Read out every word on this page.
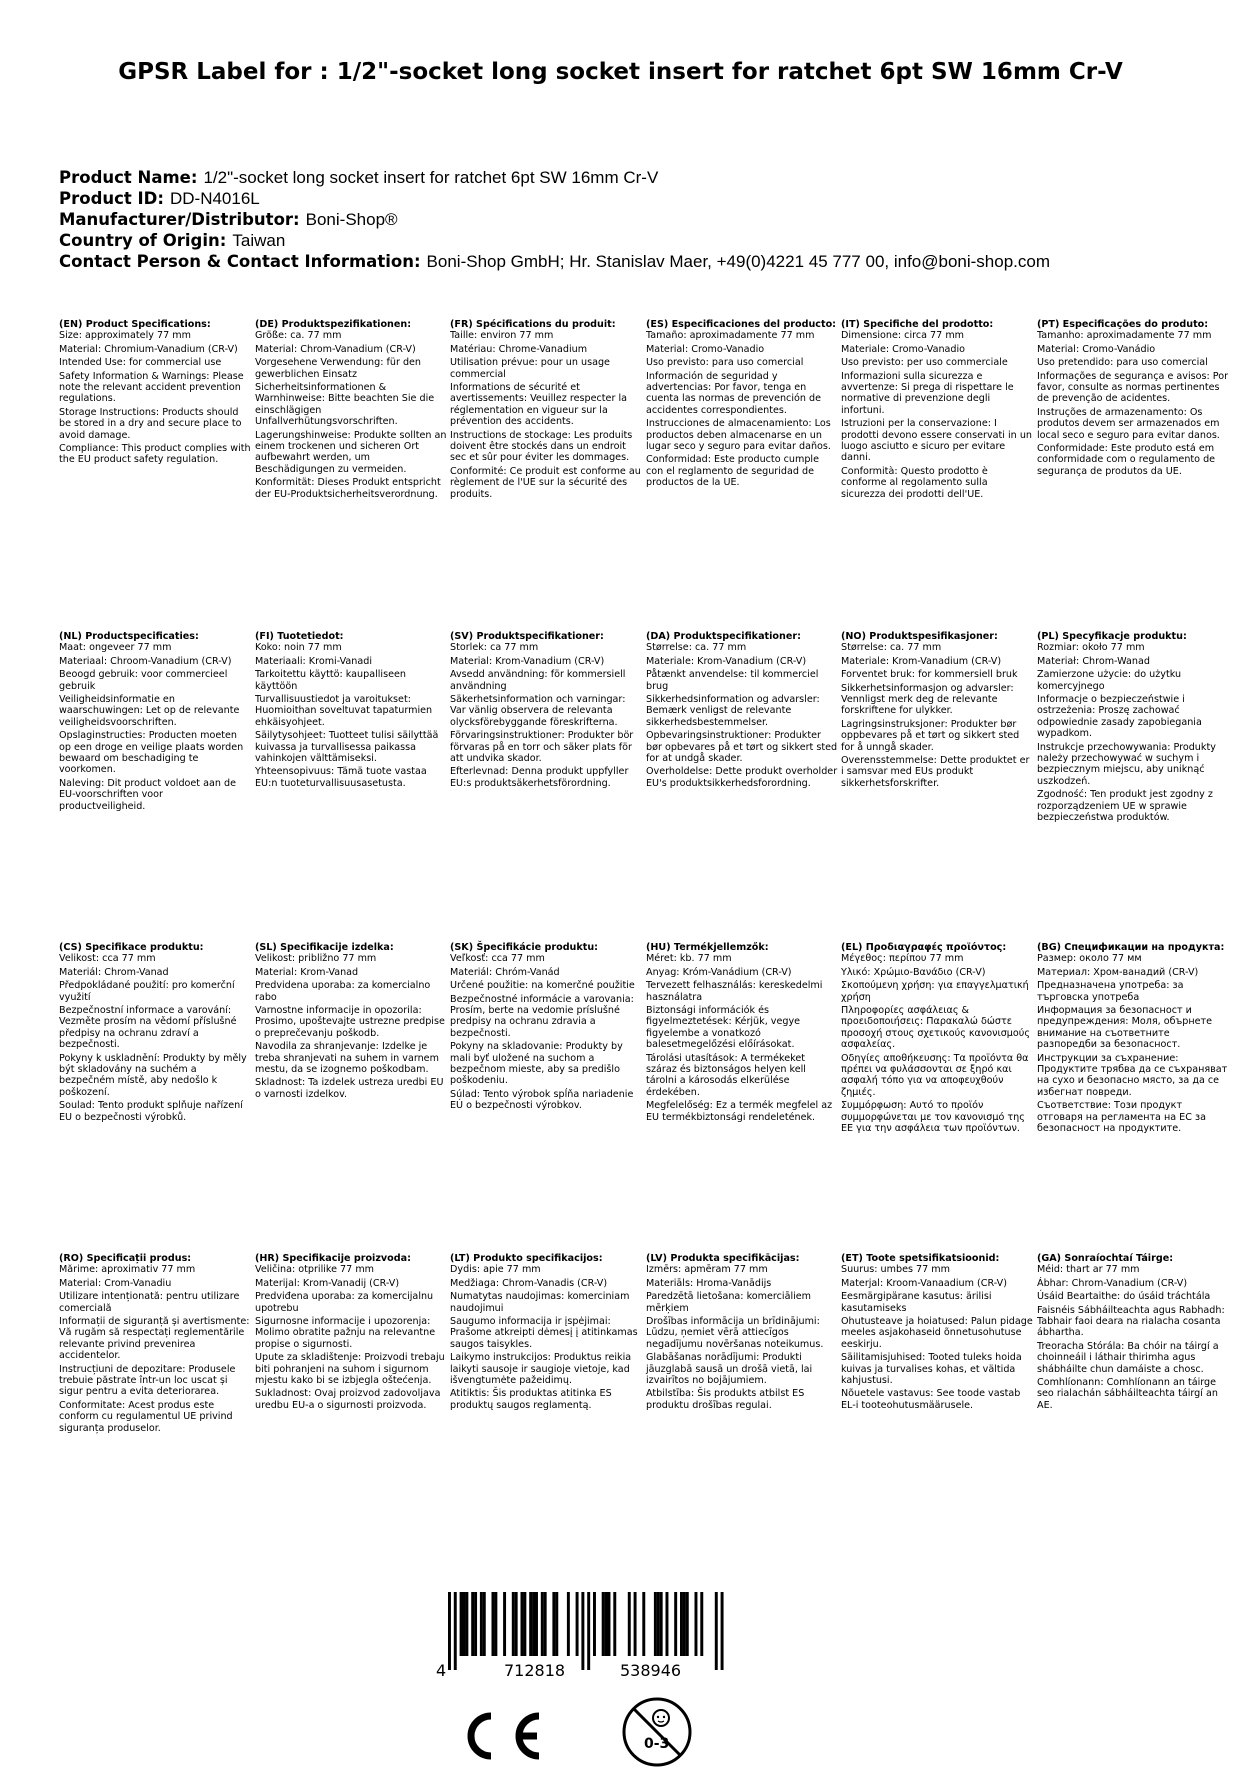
GPSR Label for : 1/2"-socket long socket insert for ratchet 6pt SW 16mm Cr-V
Product Name: 1/2"-socket long socket insert for ratchet 6pt SW 16mm Cr-V
Product ID: DD-N4016L
Manufacturer/Distributor: Boni-Shop®
Country of Origin: Taiwan
Contact Person & Contact Information: Boni-Shop GmbH; Hr. Stanislav Maer, +49(0)4221 45 777 00, info@boni-shop.com
(EN) Product Specifications:
Size: approximately 77 mm
Material: Chromium-Vanadium (CR-V)
Intended Use: for commercial use
Safety Information & Warnings: Please note the relevant accident prevention regulations.
Storage Instructions: Products should be stored in a dry and secure place to avoid damage.
Compliance: This product complies with the EU product safety regulation.
(DE) Produktspezifikationen:
Größe: ca. 77 mm
Material: Chrom-Vanadium (CR-V)
Vorgesehene Verwendung: für den gewerblichen Einsatz
Sicherheitsinformationen & Warnhinweise: Bitte beachten Sie die einschlägigen Unfallverhütungsvorschriften.
Lagerungshinweise: Produkte sollten an einem trockenen und sicheren Ort aufbewahrt werden, um Beschädigungen zu vermeiden.
Konformität: Dieses Produkt entspricht der EU-Produktsicherheitsverordnung.
(FR) Spécifications du produit:
Taille: environ 77 mm
Matériau: Chrome-Vanadium
Utilisation prévue: pour un usage commercial
Informations de sécurité et avertissements: Veuillez respecter la réglementation en vigueur sur la prévention des accidents.
Instructions de stockage: Les produits doivent être stockés dans un endroit sec et sûr pour éviter les dommages.
Conformité: Ce produit est conforme au règlement de l'UE sur la sécurité des produits.
(ES) Especificaciones del producto:
Tamaño: aproximadamente 77 mm
Material: Cromo-Vanadio
Uso previsto: para uso comercial
Información de seguridad y advertencias: Por favor, tenga en cuenta las normas de prevención de accidentes correspondientes.
Instrucciones de almacenamiento: Los productos deben almacenarse en un lugar seco y seguro para evitar daños.
Conformidad: Este producto cumple con el reglamento de seguridad de productos de la UE.
(IT) Specifiche del prodotto:
Dimensione: circa 77 mm
Materiale: Cromo-Vanadio
Uso previsto: per uso commerciale
Informazioni sulla sicurezza e avvertenze: Si prega di rispettare le normative di prevenzione degli infortuni.
Istruzioni per la conservazione: I prodotti devono essere conservati in un luogo asciutto e sicuro per evitare danni.
Conformità: Questo prodotto è conforme al regolamento sulla sicurezza dei prodotti dell'UE.
(PT) Especificações do produto:
Tamanho: aproximadamente 77 mm
Material: Cromo-Vanádio
Uso pretendido: para uso comercial
Informações de segurança e avisos: Por favor, consulte as normas pertinentes de prevenção de acidentes.
Instruções de armazenamento: Os produtos devem ser armazenados em local seco e seguro para evitar danos.
Conformidade: Este produto está em conformidade com o regulamento de segurança de produtos da UE.
(NL) Productspecificaties:
Maat: ongeveer 77 mm
Materiaal: Chroom-Vanadium (CR-V)
Beoogd gebruik: voor commercieel gebruik
Veiligheidsinformatie en waarschuwingen: Let op de relevante veiligheidsvoorschriften.
Opslaginstructies: Producten moeten op een droge en veilige plaats worden bewaard om beschadiging te voorkomen.
Naleving: Dit product voldoet aan de EU-voorschriften voor productveiligheid.
(FI) Tuotetiedot:
Koko: noin 77 mm
Materiaali: Kromi-Vanadi
Tarkoitettu käyttö: kaupalliseen käyttöön
Turvallisuustiedot ja varoitukset: Huomioithan soveltuvat tapaturmien ehkäisyohjeet.
Säilytysohjeet: Tuotteet tulisi säilyttää kuivassa ja turvallisessa paikassa vahinkojen välttämiseksi.
Yhteensopivuus: Tämä tuote vastaa EU:n tuoteturvallisuusasetusta.
(SV) Produktspecifikationer:
Storlek: ca 77 mm
Material: Krom-Vanadium (CR-V)
Avsedd användning: för kommersiell användning
Säkerhetsinformation och varningar: Var vänlig observera de relevanta olycksförebyggande föreskrifterna.
Förvaringsinstruktioner: Produkter bör förvaras på en torr och säker plats för att undvika skador.
Efterlevnad: Denna produkt uppfyller EU:s produktsäkerhetsförordning.
(DA) Produktspecifikationer:
Størrelse: ca. 77 mm
Materiale: Krom-Vanadium (CR-V)
Påtænkt anvendelse: til kommerciel brug
Sikkerhedsinformation og advarsler: Bemærk venligst de relevante sikkerhedsbestemmelser.
Opbevaringsinstruktioner: Produkter bør opbevares på et tørt og sikkert sted for at undgå skader.
Overholdelse: Dette produkt overholder EU's produktsikkerhedsforordning.
(NO) Produktspesifikasjoner:
Størrelse: ca. 77 mm
Materiale: Krom-Vanadium (CR-V)
Forventet bruk: for kommersiell bruk
Sikkerhetsinformasjon og advarsler: Vennligst merk deg de relevante forskriftene for ulykker.
Lagringsinstruksjoner: Produkter bør oppbevares på et tørt og sikkert sted for å unngå skader.
Overensstemmelse: Dette produktet er i samsvar med EUs produkt sikkerhetsforskrifter.
(PL) Specyfikacje produktu:
Rozmiar: około 77 mm
Materiał: Chrom-Wanad
Zamierzone użycie: do użytku komercyjnego
Informacje o bezpieczeństwie i ostrzeżenia: Proszę zachować odpowiednie zasady zapobiegania wypadkom.
Instrukcje przechowywania: Produkty należy przechowywać w suchym i bezpiecznym miejscu, aby uniknąć uszkodzeń.
Zgodność: Ten produkt jest zgodny z rozporządzeniem UE w sprawie bezpieczeństwa produktów.
(CS) Specifikace produktu:
Velikost: cca 77 mm
Materiál: Chrom-Vanad
Předpokládané použití: pro komerční využití
Bezpečnostní informace a varování: Vezměte prosím na vědomí příslušné předpisy na ochranu zdraví a bezpečnosti.
Pokyny k uskladnění: Produkty by měly být skladovány na suchém a bezpečném místě, aby nedošlo k poškození.
Soulad: Tento produkt splňuje nařízení EU o bezpečnosti výrobků.
(SL) Specifikacije izdelka:
Velikost: približno 77 mm
Material: Krom-Vanad
Predvidena uporaba: za komercialno rabo
Varnostne informacije in opozorila: Prosimo, upoštevajte ustrezne predpise o preprečevanju poškodb.
Navodila za shranjevanje: Izdelke je treba shranjevati na suhem in varnem mestu, da se izognemo poškodbam.
Skladnost: Ta izdelek ustreza uredbi EU o varnosti izdelkov.
(SK) Špecifikácie produktu:
Veľkosť: cca 77 mm
Materiál: Chróm-Vanád
Určené použitie: na komerčné použitie
Bezpečnostné informácie a varovania: Prosím, berte na vedomie príslušné predpisy na ochranu zdravia a bezpečnosti.
Pokyny na skladovanie: Produkty by mali byť uložené na suchom a bezpečnom mieste, aby sa predišlo poškodeniu.
Súlad: Tento výrobok spĺňa nariadenie EÚ o bezpečnosti výrobkov.
(HU) Termékjellemzők:
Méret: kb. 77 mm
Anyag: Króm-Vanádium (CR-V)
Tervezett felhasználás: kereskedelmi használatra
Biztonsági információk és figyelmeztetések: Kérjük, vegye figyelembe a vonatkozó balesetmegelőzési előírásokat.
Tárolási utasítások: A termékeket száraz és biztonságos helyen kell tárolni a károsodás elkerülése érdekében.
Megfelelőség: Ez a termék megfelel az EU termékbiztonsági rendeletének.
(EL) Προδιαγραφές προϊόντος:
Μέγεθος: περίπου 77 mm
Υλικό: Χρώμιο-Βανάδιο (CR-V)
Σκοπούμενη χρήση: για επαγγελματική χρήση
Πληροφορίες ασφάλειας & προειδοποιήσεις: Παρακαλώ δώστε προσοχή στους σχετικούς κανονισμούς ασφαλείας.
Οδηγίες αποθήκευσης: Τα προϊόντα θα πρέπει να φυλάσσονται σε ξηρό και ασφαλή τόπο για να αποφευχθούν ζημιές.
Συμμόρφωση: Αυτό το προϊόν συμμορφώνεται με τον κανονισμό της ΕΕ για την ασφάλεια των προϊόντων.
(BG) Спецификации на продукта:
Размер: около 77 мм
Материал: Хром-ванадий (CR-V)
Предназначена употреба: за търговска употреба
Информация за безопасност и предупреждения: Моля, обърнете внимание на съответните разпоредби за безопасност.
Инструкции за съхранение: Продуктите трябва да се съхраняват на сухо и безопасно място, за да се избегнат повреди.
Съответствие: Този продукт отговаря на регламента на ЕС за безопасност на продуктите.
(RO) Specificații produs:
Mărime: aproximativ 77 mm
Material: Crom-Vanadiu
Utilizare intenționată: pentru utilizare comercială
Informații de siguranță și avertismente: Vă rugăm să respectați reglementările relevante privind prevenirea accidentelor.
Instrucțiuni de depozitare: Produsele trebuie păstrate într-un loc uscat și sigur pentru a evita deteriorarea.
Conformitate: Acest produs este conform cu regulamentul UE privind siguranța produselor.
(HR) Specifikacije proizvoda:
Veličina: otprilike 77 mm
Materijal: Krom-Vanadij (CR-V)
Predviđena uporaba: za komercijalnu upotrebu
Sigurnosne informacije i upozorenja: Molimo obratite pažnju na relevantne propise o sigurnosti.
Upute za skladištenje: Proizvodi trebaju biti pohranjeni na suhom i sigurnom mjestu kako bi se izbjegla oštećenja.
Sukladnost: Ovaj proizvod zadovoljava uredbu EU-a o sigurnosti proizvoda.
(LT) Produkto specifikacijos:
Dydis: apie 77 mm
Medžiaga: Chrom-Vanadis (CR-V)
Numatytas naudojimas: komerciniam naudojimui
Saugumo informacija ir įspėjimai: Prašome atkreipti dėmesį į atitinkamas saugos taisykles.
Laikymo instrukcijos: Produktus reikia laikyti sausoje ir saugioje vietoje, kad išvengtumėte pažeidimų.
Atitiktis: Šis produktas atitinka ES produktų saugos reglamentą.
(LV) Produkta specifikācijas:
Izmērs: apmēram 77 mm
Materiāls: Hroma-Vanādijs
Paredzētā lietošana: komerciāliem mērķiem
Drošības informācija un brīdinājumi: Lūdzu, ņemiet vērā attiecīgos negadījumu novēršanas noteikumus.
Glabāšanas norādījumi: Produkti jāuzglabā sausā un drošā vietā, lai izvairītos no bojājumiem.
Atbilstība: Šis produkts atbilst ES produktu drošības regulai.
(ET) Toote spetsifikatsioonid:
Suurus: umbes 77 mm
Materjal: Kroom-Vanaadium (CR-V)
Eesmärgipärane kasutus: ärilisi kasutamiseks
Ohutusteave ja hoiatused: Palun pidage meeles asjakohaseid õnnetusohutuse eeskirju.
Säilitamisjuhised: Tooted tuleks hoida kuivas ja turvalises kohas, et vältida kahjustusi.
Nõuetele vastavus: See toode vastab EL-i tooteohutusmäärusele.
(GA) Sonraíochtaí Táirge:
Méid: thart ar 77 mm
Ábhar: Chrom-Vanadium (CR-V)
Úsáid Beartaithe: do úsáid tráchtála
Faisnéis Sábháilteachta agus Rabhadh: Tabhair faoi deara na rialacha cosanta ábhartha.
Treoracha Stórála: Ba chóir na táirgí a choinneáil i láthair thirimha agus shábháilte chun damáiste a chosc.
Comhlíonann: Comhlíonann an táirge seo rialachán sábháilteachta táirgí an AE.
4	712818	538946
0-3
